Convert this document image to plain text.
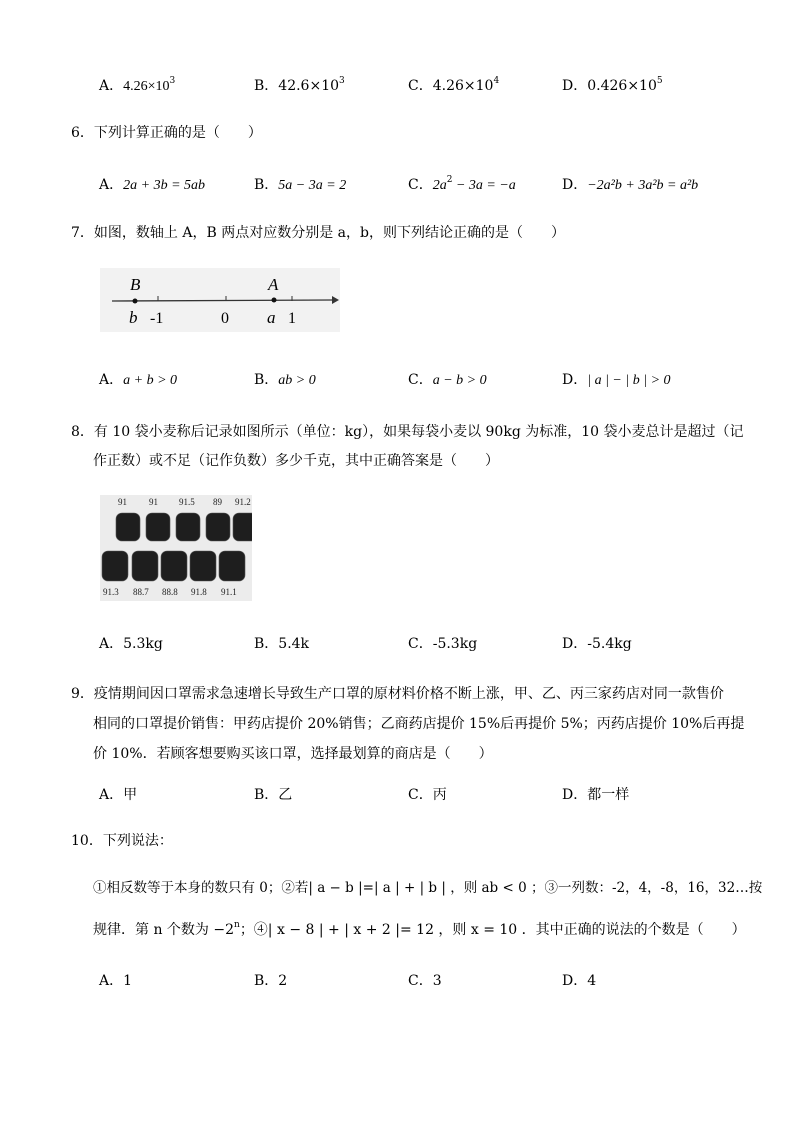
A．$4.26\times 10^3$	B．$42.6\times 10^3$	C．$4.26\times 10^4$	D．$0.426\times 10^5$
6．下列计算正确的是（　　）
A．2a + 3b = 5ab	B．5a − 3a = 2	C．$2a^2 - 3a = -a$	D．−2a²b + 3a²b = a²b
7．如图，数轴上 A，B 两点对应数分别是 a，b，则下列结论正确的是（　　）
B	A
b -1	0 a 1
A．a + b > 0	B．ab > 0	C．a − b > 0	D．| a | − | b | > 0
8．有 10 袋小麦称后记录如图所示（单位：kg），如果每袋小麦以 90kg 为标准，10 袋小麦总计是超过（记
作正数）或不足（记作负数）多少千克，其中正确答案是（　　）
91 91 91.5 89 91.2
91.3 88.7 88.8 91.8 91.1
A．5.3kg	B．5.4k	C．-5.3kg	D．-5.4kg
9．疫情期间因口罩需求急速增长导致生产口罩的原材料价格不断上涨，甲、乙、丙三家药店对同一款售价
相同的口罩提价销售：甲药店提价 20%销售；乙商药店提价 15%后再提价 5%；丙药店提价 10%后再提
价 10%．若顾客想要购买该口罩，选择最划算的商店是（　　）
A．甲	B．乙	C．丙	D．都一样
10．下列说法：
①相反数等于本身的数只有 0；②若| a − b |=| a | + | b | ，则 ab < 0 ；③一列数：-2，4，-8，16，32…按
规律．第 n 个数为 $-2^n$；④| x − 8 | + | x + 2 |= 12 ，则 x = 10 ．其中正确的说法的个数是（　　）
A．1	B．2	C．3	D．4
